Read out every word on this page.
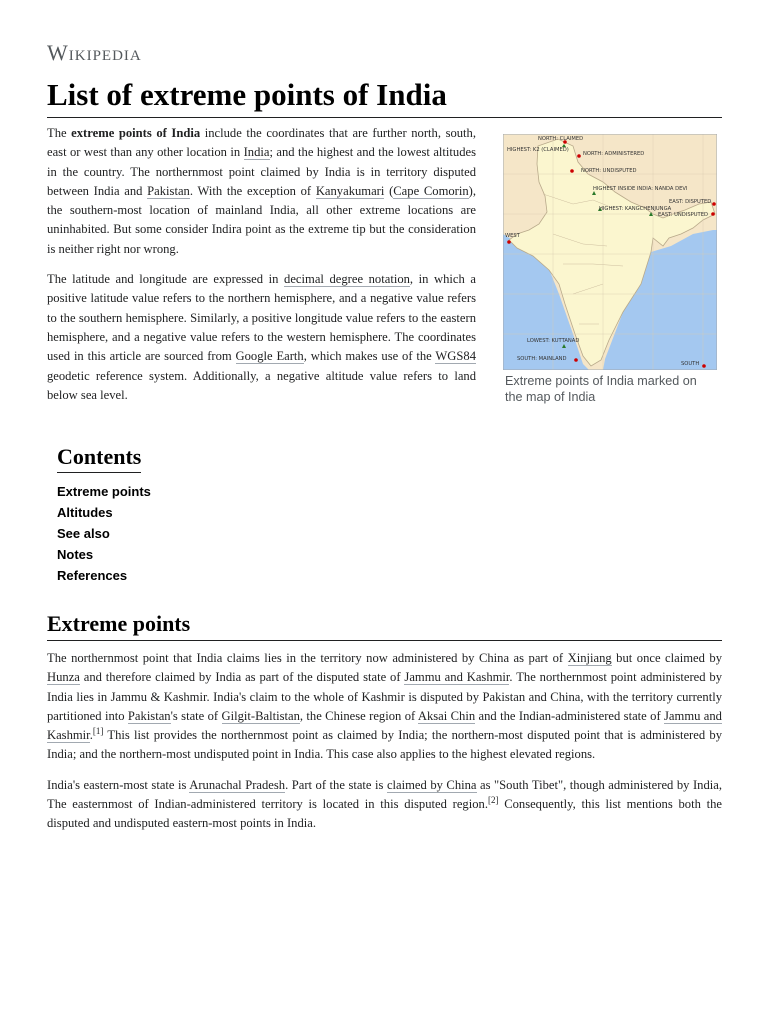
Wikipedia
List of extreme points of India

The extreme points of India include the coordinates that are further north, south, east or west than any other location in India; and the highest and the lowest altitudes in the country. The northernmost point claimed by India is in territory disputed between India and Pakistan. With the exception of Kanyakumari (Cape Comorin), the southern-most location of mainland India, all other extreme locations are uninhabited. But some consider Indira point as the extreme tip but the consideration is neither right nor wrong.

The latitude and longitude are expressed in decimal degree notation, in which a positive latitude value refers to the northern hemisphere, and a negative value refers to the southern hemisphere. Similarly, a positive longitude value refers to the eastern hemisphere, and a negative value refers to the western hemisphere. The coordinates used in this article are sourced from Google Earth, which makes use of the WGS84 geodetic reference system. Additionally, a negative altitude value refers to land below sea level.

NORTH: CLAIMED
HIGHEST: K2 (CLAIMED)
NORTH: ADMINISTERED
NORTH: UNDISPUTED
HIGHEST INSIDE INDIA: NANDA DEVI
HIGHEST: KANGCHENJUNGA
EAST: DISPUTED
EAST: UNDISPUTED
WEST
LOWEST: KUTTANAD
SOUTH: MAINLAND
SOUTH
Extreme points of India marked on the map of India
Contents
Extreme points
Altitudes
See also
Notes
References
Extreme points

The northernmost point that India claims lies in the territory now administered by China as part of Xinjiang but once claimed by Hunza and therefore claimed by India as part of the disputed state of Jammu and Kashmir. The northernmost point administered by India lies in Jammu & Kashmir. India's claim to the whole of Kashmir is disputed by Pakistan and China, with the territory currently partitioned into Pakistan's state of Gilgit-Baltistan, the Chinese region of Aksai Chin and the Indian-administered state of Jammu and Kashmir.[1] This list provides the northernmost point as claimed by India; the northern-most disputed point that is administered by India; and the northern-most undisputed point in India. This case also applies to the highest elevated regions.

India's eastern-most state is Arunachal Pradesh. Part of the state is claimed by China as "South Tibet", though administered by India, The easternmost of Indian-administered territory is located in this disputed region.[2] Consequently, this list mentions both the disputed and undisputed eastern-most points in India.
